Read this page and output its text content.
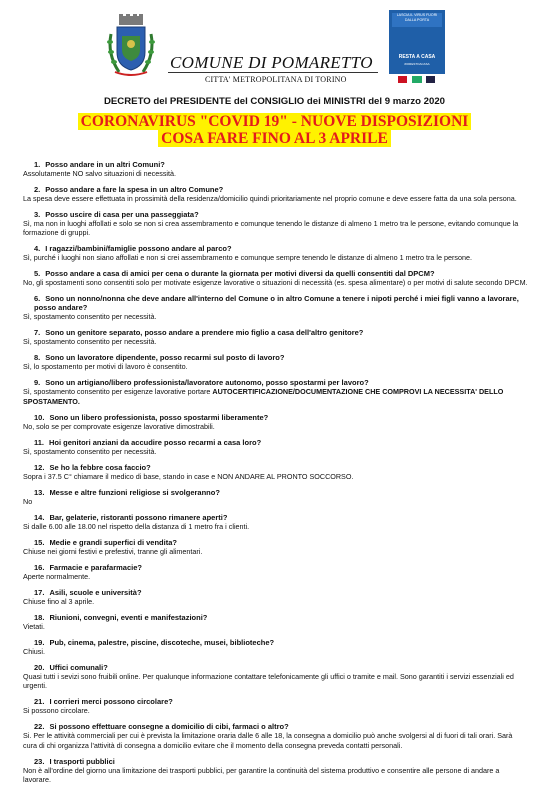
COMUNE DI POMARETTO
CITTA' METROPOLITANA DI TORINO
LASCIA IL VIRUS FUORI DALLA PORTA
RESTA A CASA
#IORESTOACASA
DECRETO del PRESIDENTE del CONSIGLIO dei MINISTRI del 9 marzo 2020
CORONAVIRUS "COVID 19" - NUOVE DISPOSIZIONI
COSA FARE FINO AL 3 APRILE
1. Posso andare in un altri Comuni?
Assolutamente NO salvo situazioni di necessità.
2. Posso andare a fare la spesa in un altro Comune?
La spesa deve essere effettuata in prossimità della residenza/domicilio quindi prioritariamente nel proprio comune e deve essere fatta da una sola persona.
3. Posso uscire di casa per una passeggiata?
Sì, ma non in luoghi affollati e solo se non si crea assembramento e comunque tenendo le distanze di almeno 1 metro tra le persone, evitando comunque la formazione di gruppi.
4. I ragazzi/bambini/famiglie possono andare al parco?
Sì, purché i luoghi non siano affollati e non si crei assembramento e comunque sempre tenendo le distanze di almeno 1 metro tra le persone.
5. Posso andare a casa di amici per cena o durante la giornata per motivi diversi da quelli consentiti dal DPCM?
No, gli spostamenti sono consentiti solo per motivate esigenze lavorative o situazioni di necessità (es. spesa alimentare) o per motivi di salute secondo DPCM.
6. Sono un nonno/nonna che deve andare all'interno del Comune o in altro Comune a tenere i nipoti perché i miei figli vanno a lavorare, posso andare?
Sì, spostamento consentito per necessità.
7. Sono un genitore separato, posso andare a prendere mio figlio a casa dell'altro genitore?
Sì, spostamento consentito per necessità.
8. Sono un lavoratore dipendente, posso recarmi sul posto di lavoro?
Sì, lo spostamento per motivi di lavoro è consentito.
9. Sono un artigiano/libero professionista/lavoratore autonomo, posso spostarmi per lavoro?
Sì, spostamento consentito per esigenze lavorative portare AUTOCERTIFICAZIONE/DOCUMENTAZIONE CHE COMPROVI LA NECESSITA' DELLO SPOSTAMENTO.
10. Sono un libero professionista, posso spostarmi liberamente?
No, solo se per comprovate esigenze lavorative dimostrabili.
11. Hoi genitori anziani da accudire posso recarmi a casa loro?
Sì, spostamento consentito per necessità.
12. Se ho la febbre cosa faccio?
Sopra i 37.5 C° chiamare il medico di base, stando in case e NON ANDARE AL PRONTO SOCCORSO.
13. Messe e altre funzioni religiose si svolgeranno?
No
14. Bar, gelaterie, ristoranti possono rimanere aperti?
Si dalle 6.00 alle 18.00 nel rispetto della distanza di 1 metro fra i clienti.
15. Medie e grandi superfici di vendita?
Chiuse nei giorni festivi e prefestivi, tranne gli alimentari.
16. Farmacie e parafarmacie?
Aperte normalmente.
17. Asili, scuole e università?
Chiuse fino al 3 aprile.
18. Riunioni, convegni, eventi e manifestazioni?
Vietati.
19. Pub, cinema, palestre, piscine, discoteche, musei, biblioteche?
Chiusi.
20. Uffici comunali?
Quasi tutti i sevizi sono fruibili online. Per qualunque informazione contattare telefonicamente gli uffici o tramite e mail. Sono garantiti i servizi essenziali ed urgenti.
21. I corrieri merci possono circolare?
Si possono circolare.
22. Si possono effettuare consegne a domicilio di cibi, farmaci o altro?
Si. Per le attività commerciali per cui è prevista la limitazione oraria dalle 6 alle 18, la consegna a domicilio può anche svolgersi al di fuori di tali orari. Sarà cura di chi organizza l'attività di consegna a domicilio evitare che il momento della consegna preveda contatti personali.
23. I trasporti pubblici
Non è all'ordine del giorno una limitazione dei trasporti pubblici, per garantire la continuità del sistema produttivo e consentire alle persone di andare a lavorare.
